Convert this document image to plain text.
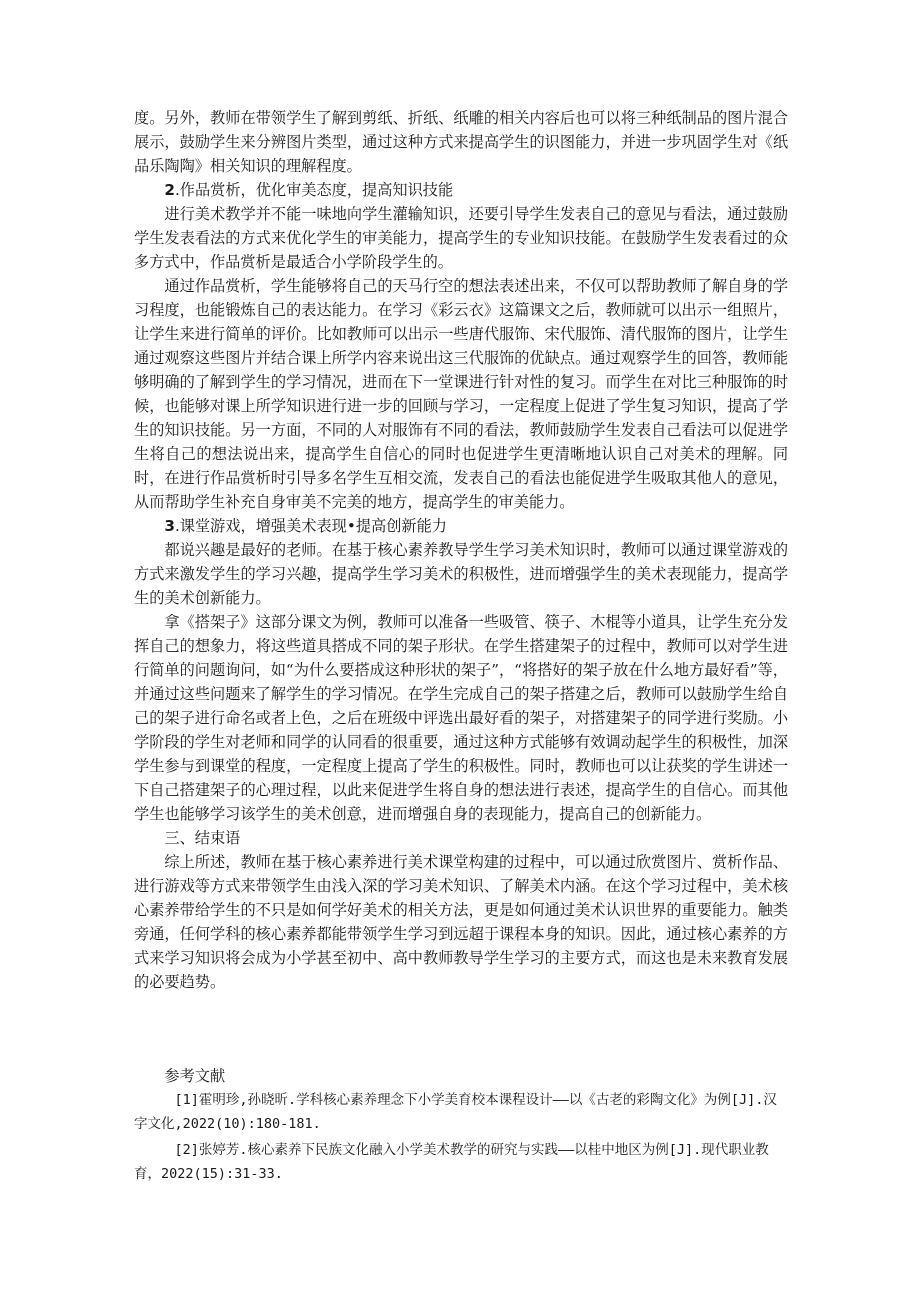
度。另外，教师在带领学生了解到剪纸、折纸、纸雕的相关内容后也可以将三种纸制品的图片混合展示，鼓励学生来分辨图片类型，通过这种方式来提高学生的识图能力，并进一步巩固学生对《纸品乐陶陶》相关知识的理解程度。

2.作品赏析，优化审美态度，提高知识技能

进行美术教学并不能一味地向学生灌输知识，还要引导学生发表自己的意见与看法，通过鼓励学生发表看法的方式来优化学生的审美能力，提高学生的专业知识技能。在鼓励学生发表看过的众多方式中，作品赏析是最适合小学阶段学生的。

通过作品赏析，学生能够将自己的天马行空的想法表述出来，不仅可以帮助教师了解自身的学习程度，也能锻炼自己的表达能力。在学习《彩云衣》这篇课文之后，教师就可以出示一组照片，让学生来进行简单的评价。比如教师可以出示一些唐代服饰、宋代服饰、清代服饰的图片，让学生通过观察这些图片并结合课上所学内容来说出这三代服饰的优缺点。通过观察学生的回答，教师能够明确的了解到学生的学习情况，进而在下一堂课进行针对性的复习。而学生在对比三种服饰的时候，也能够对课上所学知识进行进一步的回顾与学习，一定程度上促进了学生复习知识，提高了学生的知识技能。另一方面，不同的人对服饰有不同的看法，教师鼓励学生发表自己看法可以促进学生将自己的想法说出来，提高学生自信心的同时也促进学生更清晰地认识自己对美术的理解。同时，在进行作品赏析时引导多名学生互相交流，发表自己的看法也能促进学生吸取其他人的意见，从而帮助学生补充自身审美不完美的地方，提高学生的审美能力。

3.课堂游戏，增强美术表现•提高创新能力

都说兴趣是最好的老师。在基于核心素养教导学生学习美术知识时，教师可以通过课堂游戏的方式来激发学生的学习兴趣，提高学生学习美术的积极性，进而增强学生的美术表现能力，提高学生的美术创新能力。

拿《搭架子》这部分课文为例，教师可以准备一些吸管、筷子、木棍等小道具，让学生充分发挥自己的想象力，将这些道具搭成不同的架子形状。在学生搭建架子的过程中，教师可以对学生进行简单的问题询问，如“为什么要搭成这种形状的架子”，“将搭好的架子放在什么地方最好看”等，并通过这些问题来了解学生的学习情况。在学生完成自己的架子搭建之后，教师可以鼓励学生给自己的架子进行命名或者上色，之后在班级中评选出最好看的架子，对搭建架子的同学进行奖励。小学阶段的学生对老师和同学的认同看的很重要，通过这种方式能够有效调动起学生的积极性，加深学生参与到课堂的程度，一定程度上提高了学生的积极性。同时，教师也可以让获奖的学生讲述一下自己搭建架子的心理过程，以此来促进学生将自身的想法进行表述，提高学生的自信心。而其他学生也能够学习该学生的美术创意，进而增强自身的表现能力，提高自己的创新能力。

三、结束语

综上所述，教师在基于核心素养进行美术课堂构建的过程中，可以通过欣赏图片、赏析作品、进行游戏等方式来带领学生由浅入深的学习美术知识、了解美术内涵。在这个学习过程中，美术核心素养带给学生的不只是如何学好美术的相关方法，更是如何通过美术认识世界的重要能力。触类旁通，任何学科的核心素养都能带领学生学习到远超于课程本身的知识。因此，通过核心素养的方式来学习知识将会成为小学甚至初中、高中教师教导学生学习的主要方式，而这也是未来教育发展的必要趋势。

参考文献

[1]霍明珍,孙晓昕.学科核心素养理念下小学美育校本课程设计——以《古老的彩陶文化》为例[J].汉字文化,2022(10):180-181.

[2]张婷芳.核心素养下民族文化融入小学美术教学的研究与实践——以桂中地区为例[J].现代职业教育，2022(15):31-33.
